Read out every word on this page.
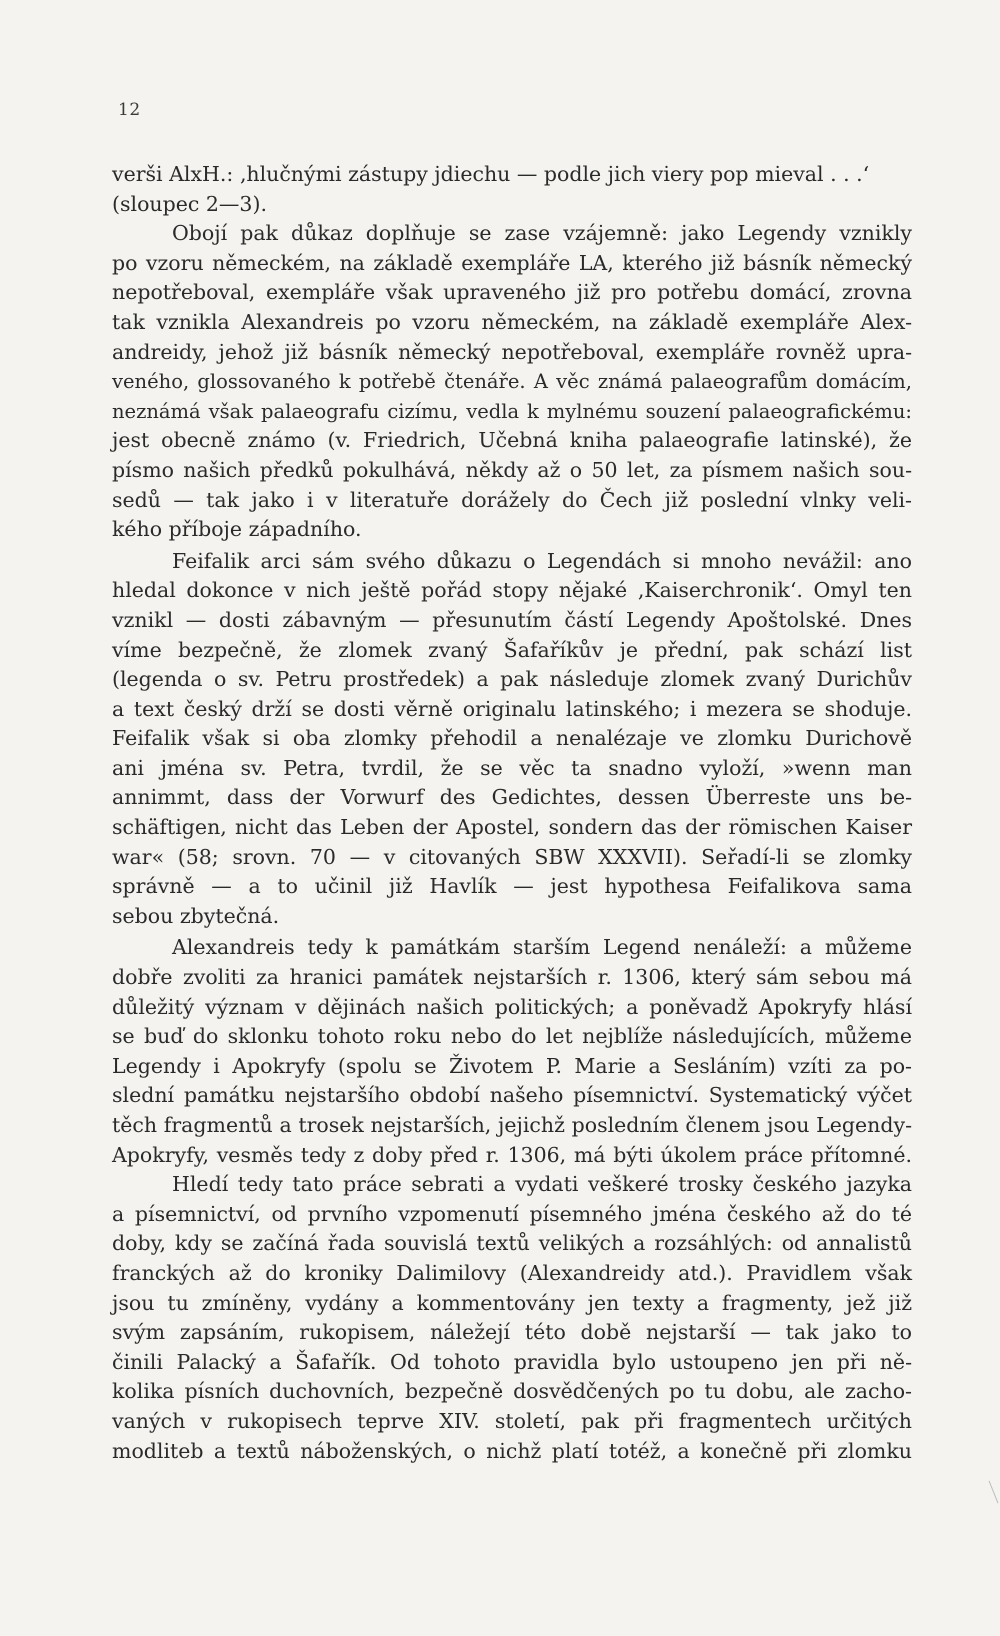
12
verši AlxH.: ‚hlučnými zástupy jdiechu — podle jich viery pop mieval . . .‘
(sloupec 2—3).
Obojí pak důkaz doplňuje se zase vzájemně: jako Legendy vznikly
po vzoru německém, na základě exempláře LA, kterého již básník německý
nepotřeboval, exempláře však upraveného již pro potřebu domácí, zrovna
tak vznikla Alexandreis po vzoru německém, na základě exempláře Alex-
andreidy, jehož již básník německý nepotřeboval, exempláře rovněž upra-
veného, glossovaného k potřebě čtenáře. A věc známá palaeografům domácím,
neznámá však palaeografu cizímu, vedla k mylnému souzení palaeografickému:
jest obecně známo (v. Friedrich, Učebná kniha palaeografie latinské), že
písmo našich předků pokulhává, někdy až o 50 let, za písmem našich sou-
sedů — tak jako i v literatuře dorážely do Čech již poslední vlnky veli-
kého příboje západního.
Feifalik arci sám svého důkazu o Legendách si mnoho nevážil: ano
hledal dokonce v nich ještě pořád stopy nějaké ‚Kaiserchronik‘. Omyl ten
vznikl — dosti zábavným — přesunutím částí Legendy Apoštolské. Dnes
víme bezpečně, že zlomek zvaný Šafaříkův je přední, pak schází list
(legenda o sv. Petru prostředek) a pak následuje zlomek zvaný Durichův
a text český drží se dosti věrně originalu latinského; i mezera se shoduje.
Feifalik však si oba zlomky přehodil a nenalézaje ve zlomku Durichově
ani jména sv. Petra, tvrdil, že se věc ta snadno vyloží, »wenn man
annimmt, dass der Vorwurf des Gedichtes, dessen Überreste uns be-
schäftigen, nicht das Leben der Apostel, sondern das der römischen Kaiser
war« (58; srovn. 70 — v citovaných SBW XXXVII). Seřadí-li se zlomky
správně — a to učinil již Havlík — jest hypothesa Feifalikova sama
sebou zbytečná.
Alexandreis tedy k památkám starším Legend nenáleží: a můžeme
dobře zvoliti za hranici památek nejstarších r. 1306, který sám sebou má
důležitý význam v dějinách našich politických; a poněvadž Apokryfy hlásí
se buď do sklonku tohoto roku nebo do let nejblíže následujících, můžeme
Legendy i Apokryfy (spolu se Životem P. Marie a Sesláním) vzíti za po-
slední památku nejstaršího období našeho písemnictví. Systematický výčet
těch fragmentů a trosek nejstarších, jejichž posledním členem jsou Legendy-
Apokryfy, vesměs tedy z doby před r. 1306, má býti úkolem práce přítomné.
Hledí tedy tato práce sebrati a vydati veškeré trosky českého jazyka
a písemnictví, od prvního vzpomenutí písemného jména českého až do té
doby, kdy se začíná řada souvislá textů velikých a rozsáhlých: od annalistů
franckých až do kroniky Dalimilovy (Alexandreidy atd.). Pravidlem však
jsou tu zmíněny, vydány a kommentovány jen texty a fragmenty, jež již
svým zapsáním, rukopisem, náležejí této době nejstarší — tak jako to
činili Palacký a Šafařík. Od tohoto pravidla bylo ustoupeno jen při ně-
kolika písních duchovních, bezpečně dosvědčených po tu dobu, ale zacho-
vaných v rukopisech teprve XIV. století, pak při fragmentech určitých
modliteb a textů náboženských, o nichž platí totéž, a konečně při zlomku
